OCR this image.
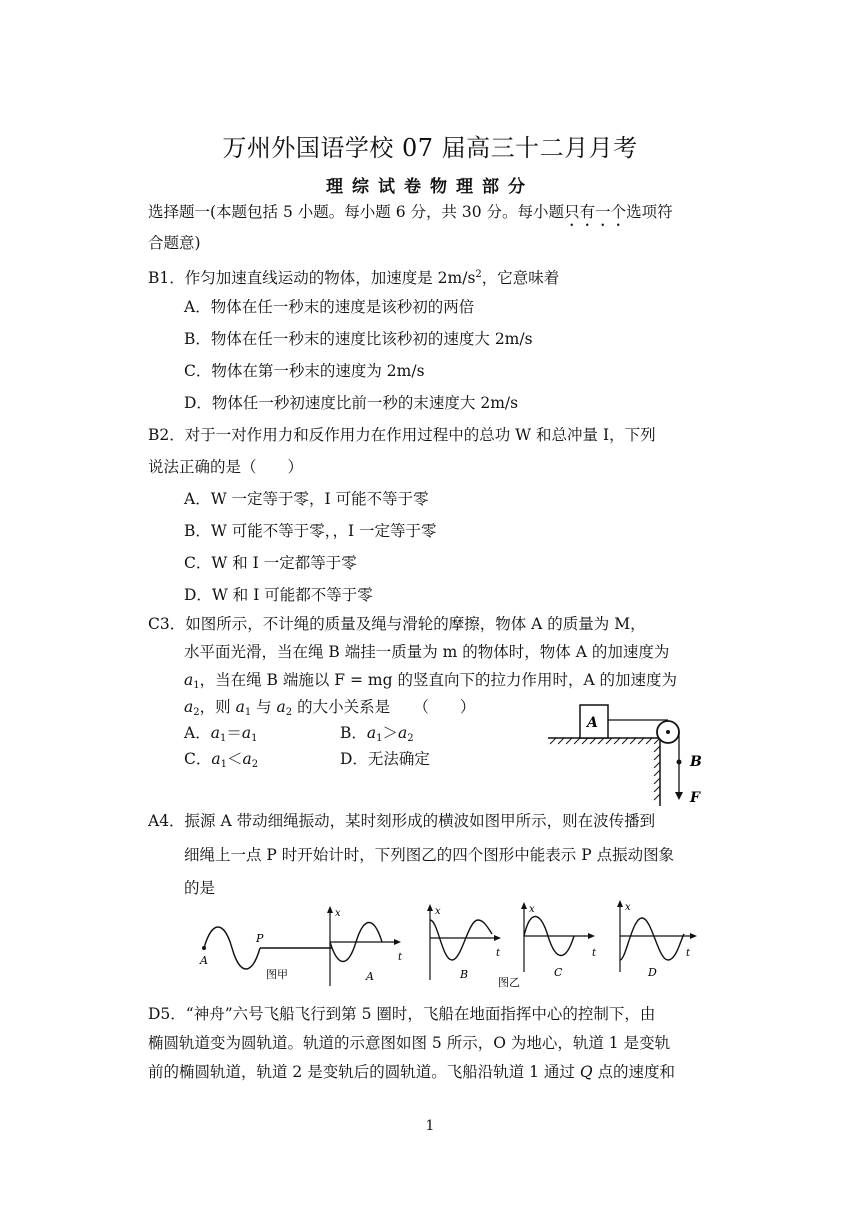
万州外国语学校 07 届高三十二月月考
理综试卷物理部分
选择题一(本题包括 5 小题。每小题 6 分，共 30 分。每小题只有一个选项符
合题意)
B1．作匀加速直线运动的物体，加速度是 $2m/s^2$，它意味着
A．物体在任一秒末的速度是该秒初的两倍
B．物体在任一秒末的速度比该秒初的速度大 2m/s
C．物体在第一秒末的速度为 2m/s
D．物体任一秒初速度比前一秒的末速度大 2m/s
B2．对于一对作用力和反作用力在作用过程中的总功 W 和总冲量 I，下列
说法正确的是（　　）
A．W 一定等于零，I 可能不等于零
B．W 可能不等于零，，I 一定等于零
C．W 和 I 一定都等于零
D．W 和 I 可能都不等于零
C3．如图所示，不计绳的质量及绳与滑轮的摩擦，物体 A 的质量为 M，
水平面光滑，当在绳 B 端挂一质量为 m 的物体时，物体 A 的加速度为
$a_1$，当在绳 B 端施以 F = mg 的竖直向下的拉力作用时，A 的加速度为
$a_2$，则 $a_1$ 与 $a_2$ 的大小关系是　　（　　）
A．$a_1=a_1$	B．$a_1>a_2$
C．$a_1<a_2$	D．无法确定
A
B
F
A4．振源 A 带动细绳振动，某时刻形成的横波如图甲所示，则在波传播到
细绳上一点 P 时开始计时，下列图乙的四个图形中能表示 P 点振动图象
的是
A
P
图甲
x
t
A
x
t
B
图乙
x
t
C
x
t
D
D5．“神舟”六号飞船飞行到第 5 圈时，飞船在地面指挥中心的控制下，由
椭圆轨道变为圆轨道。轨道的示意图如图 5 所示，O 为地心，轨道 1 是变轨
前的椭圆轨道，轨道 2 是变轨后的圆轨道。飞船沿轨道 1 通过 Q 点的速度和
1
